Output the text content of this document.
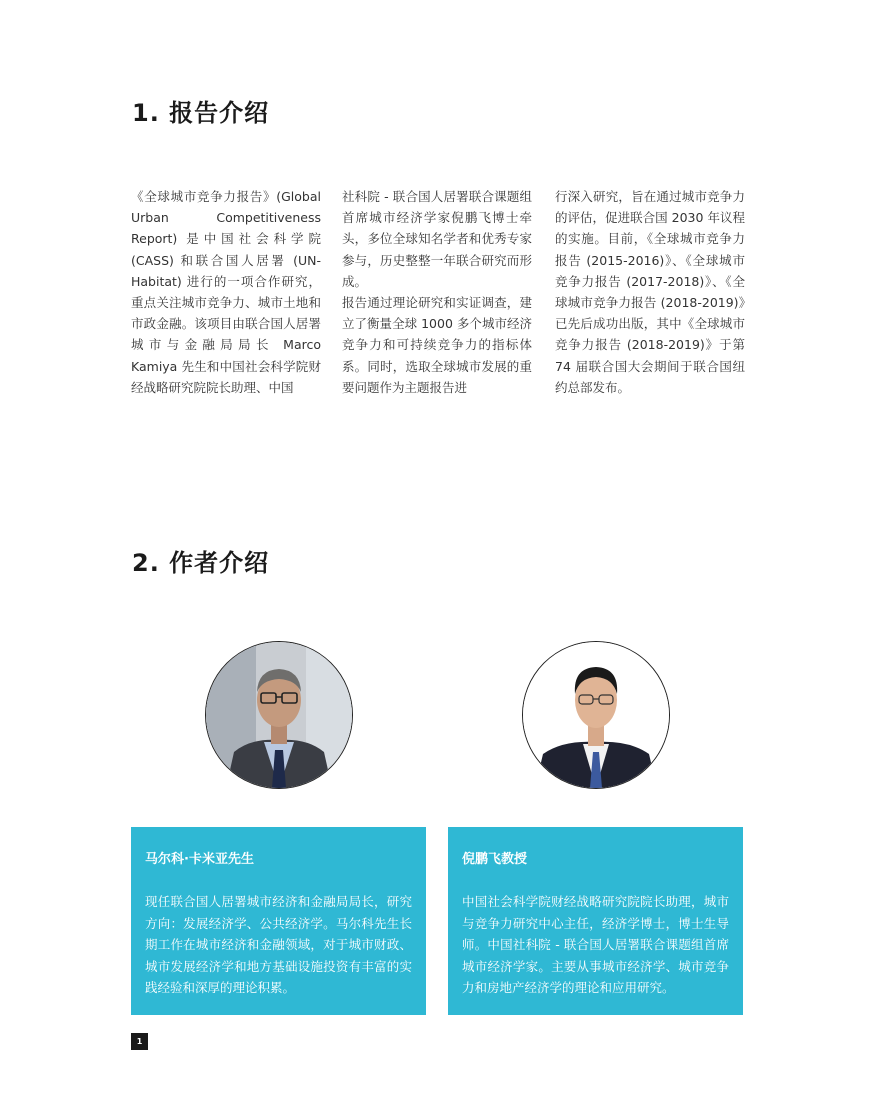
1. 报告介绍

《全球城市竞争力报告》(Global Urban Competitiveness Report) 是中国社会科学院 (CASS) 和联合国人居署 (UN-Habitat) 进行的一项合作研究，重点关注城市竞争力、城市土地和市政金融。该项目由联合国人居署城市与金融局局长 Marco Kamiya 先生和中国社会科学院财经战略研究院院长助理、中国

社科院 - 联合国人居署联合课题组首席城市经济学家倪鹏飞博士牵头，多位全球知名学者和优秀专家参与，历史整整一年联合研究而形成。

报告通过理论研究和实证调查，建立了衡量全球 1000 多个城市经济竞争力和可持续竞争力的指标体系。同时，选取全球城市发展的重要问题作为主题报告进

行深入研究，旨在通过城市竞争力的评估，促进联合国 2030 年议程的实施。目前，《全球城市竞争力报告 (2015-2016)》、《全球城市竞争力报告 (2017-2018)》、《全球城市竞争力报告 (2018-2019)》已先后成功出版，其中《全球城市竞争力报告 (2018-2019)》于第 74 届联合国大会期间于联合国纽约总部发布。

2. 作者介绍

马尔科·卡米亚先生

现任联合国人居署城市经济和金融局局长，研究方向：发展经济学、公共经济学。马尔科先生长期工作在城市经济和金融领域，对于城市财政、城市发展经济学和地方基础设施投资有丰富的实践经验和深厚的理论积累。

倪鹏飞教授

中国社会科学院财经战略研究院院长助理，城市与竞争力研究中心主任，经济学博士，博士生导师。中国社科院 - 联合国人居署联合课题组首席城市经济学家。主要从事城市经济学、城市竞争力和房地产经济学的理论和应用研究。

1
